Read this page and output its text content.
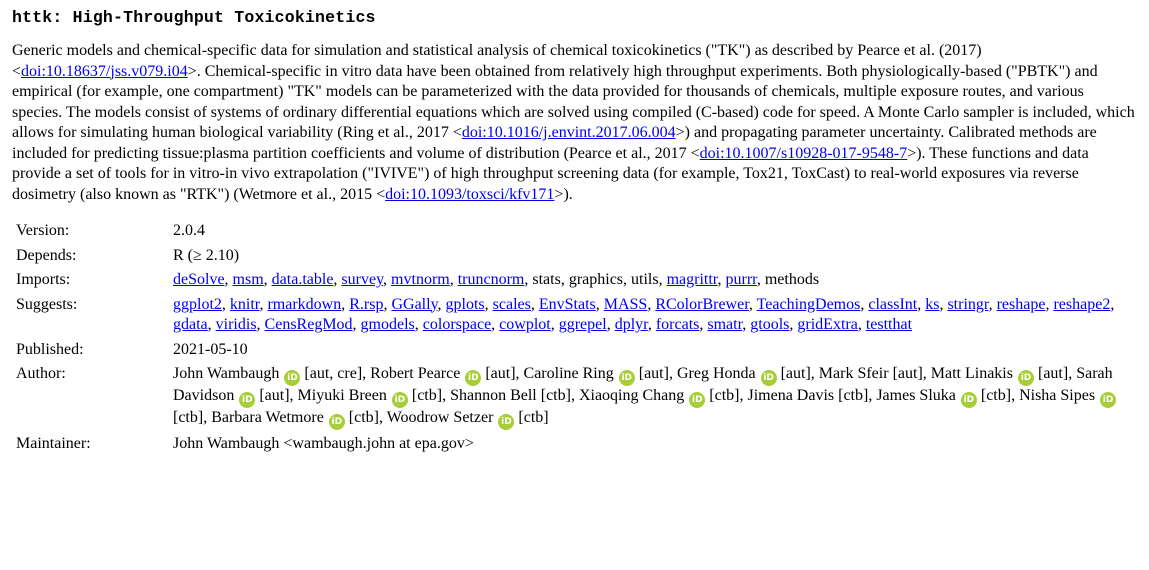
httk: High-Throughput Toxicokinetics

Generic models and chemical-specific data for simulation and statistical analysis of chemical toxicokinetics ("TK") as described by Pearce et al. (2017) <doi:10.18637/jss.v079.i04>. Chemical-specific in vitro data have been obtained from relatively high throughput experiments. Both physiologically-based ("PBTK") and empirical (for example, one compartment) "TK" models can be parameterized with the data provided for thousands of chemicals, multiple exposure routes, and various species. The models consist of systems of ordinary differential equations which are solved using compiled (C-based) code for speed. A Monte Carlo sampler is included, which allows for simulating human biological variability (Ring et al., 2017 <doi:10.1016/j.envint.2017.06.004>) and propagating parameter uncertainty. Calibrated methods are included for predicting tissue:plasma partition coefficients and volume of distribution (Pearce et al., 2017 <doi:10.1007/s10928-017-9548-7>). These functions and data provide a set of tools for in vitro-in vivo extrapolation ("IVIVE") of high throughput screening data (for example, Tox21, ToxCast) to real-world exposures via reverse dosimetry (also known as "RTK") (Wetmore et al., 2015 <doi:10.1093/toxsci/kfv171>).

Version:	2.0.4
Depends:	R (≥ 2.10)
Imports:	deSolve, msm, data.table, survey, mvtnorm, truncnorm, stats, graphics, utils, magrittr, purrr, methods
Suggests:	ggplot2, knitr, rmarkdown, R.rsp, GGally, gplots, scales, EnvStats, MASS, RColorBrewer, TeachingDemos, classInt, ks, stringr, reshape, reshape2, gdata, viridis, CensRegMod, gmodels, colorspace, cowplot, ggrepel, dplyr, forcats, smatr, gtools, gridExtra, testthat
Published:	2021-05-10
Author:	John Wambaugh iD [aut, cre], Robert Pearce iD [aut], Caroline Ring iD [aut], Greg Honda iD [aut], Mark Sfeir [aut], Matt Linakis iD [aut], Sarah Davidson iD [aut], Miyuki Breen iD [ctb], Shannon Bell [ctb], Xiaoqing Chang iD [ctb], Jimena Davis [ctb], James Sluka iD [ctb], Nisha Sipes iD[ctb], Barbara Wetmore iD [ctb], Woodrow Setzer iD [ctb]
Maintainer:	John Wambaugh <wambaugh.john at epa.gov>
